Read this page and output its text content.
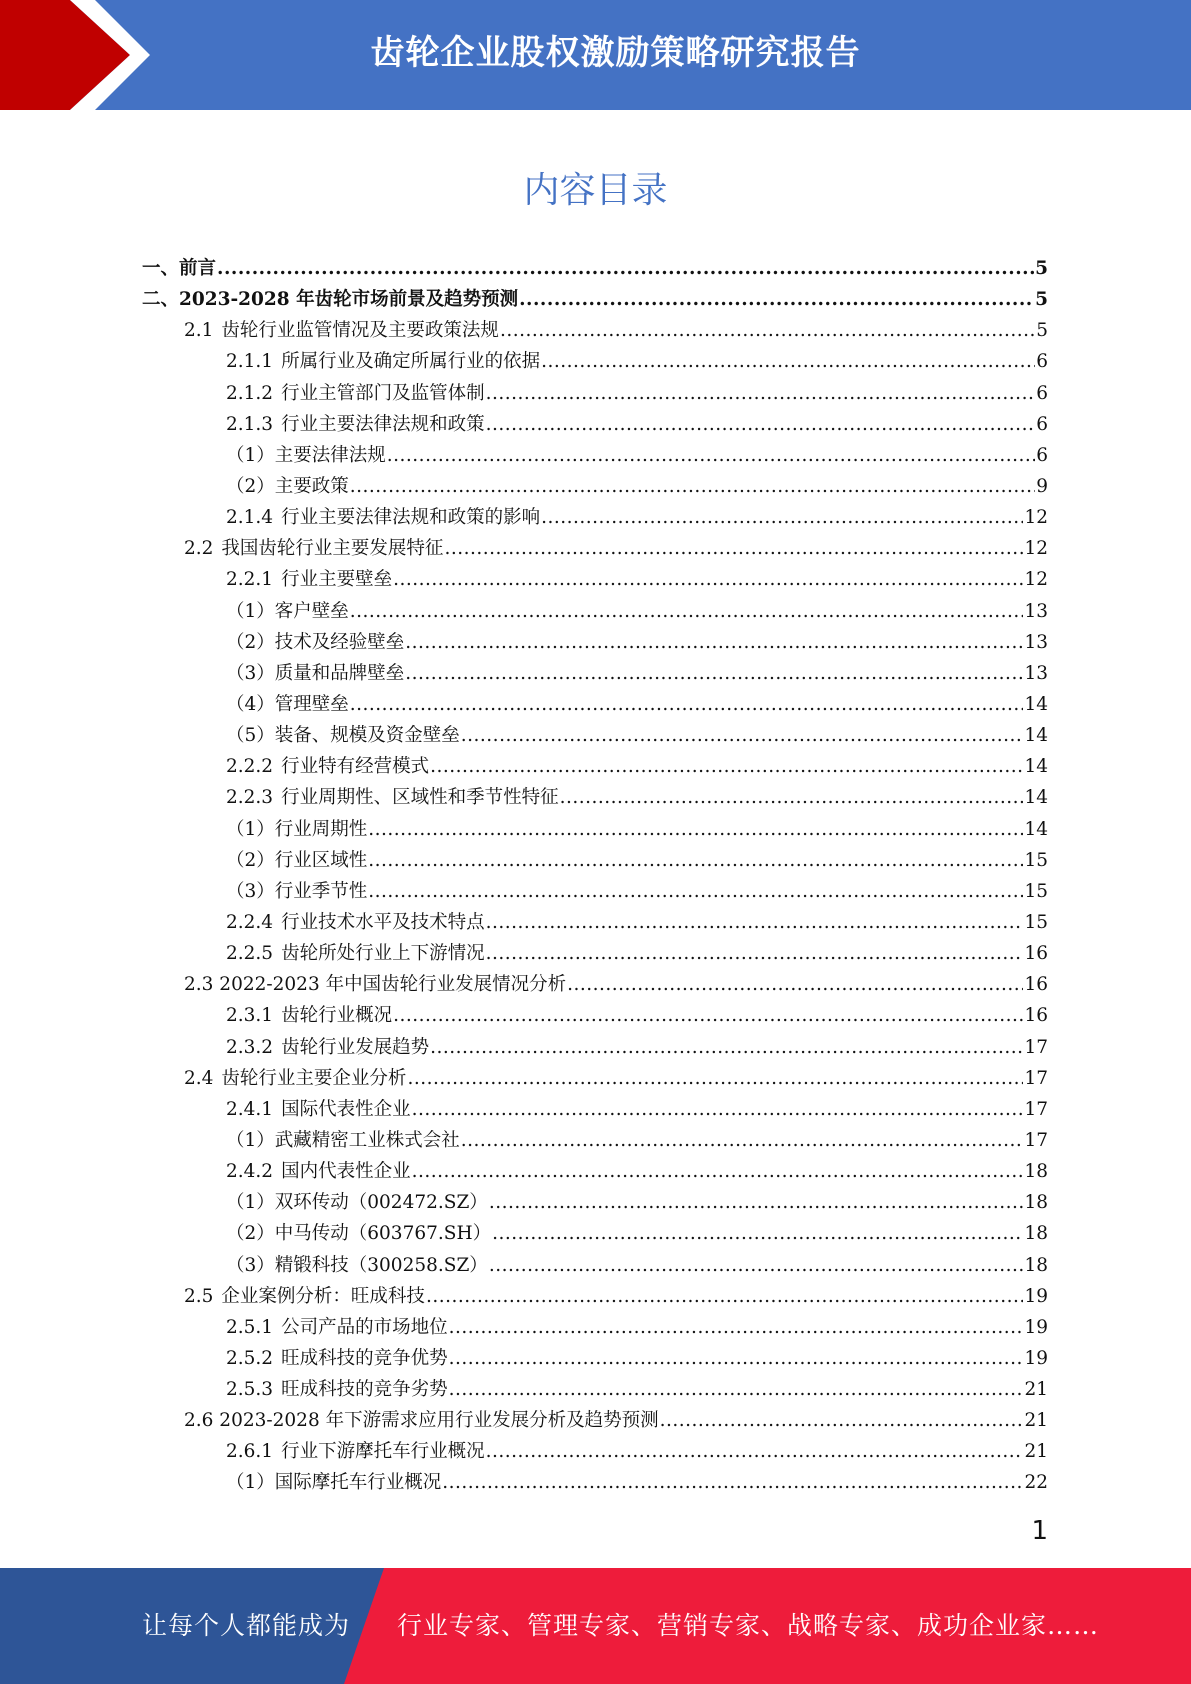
齿轮企业股权激励策略研究报告
内容目录
一、前言 .....	5
二、2023-2028 年齿轮市场前景及趋势预测 .....	5
2.1 齿轮行业监管情况及主要政策法规 .....	5
2.1.1 所属行业及确定所属行业的依据 .....	6
2.1.2 行业主管部门及监管体制 .....	6
2.1.3 行业主要法律法规和政策 .....	6
（1）主要法律法规 .....	6
（2）主要政策 .....	9
2.1.4 行业主要法律法规和政策的影响 .....	12
2.2 我国齿轮行业主要发展特征 .....	12
2.2.1 行业主要壁垒 .....	12
（1）客户壁垒 .....	13
（2）技术及经验壁垒 .....	13
（3）质量和品牌壁垒 .....	13
（4）管理壁垒 .....	14
（5）装备、规模及资金壁垒 .....	14
2.2.2 行业特有经营模式 .....	14
2.2.3 行业周期性、区域性和季节性特征 .....	14
（1）行业周期性 .....	14
（2）行业区域性 .....	15
（3）行业季节性 .....	15
2.2.4 行业技术水平及技术特点 .....	15
2.2.5 齿轮所处行业上下游情况 .....	16
2.3 2022-2023 年中国齿轮行业发展情况分析 .....	16
2.3.1 齿轮行业概况 .....	16
2.3.2 齿轮行业发展趋势 .....	17
2.4 齿轮行业主要企业分析 .....	17
2.4.1 国际代表性企业 .....	17
（1）武藏精密工业株式会社 .....	17
2.4.2 国内代表性企业 .....	18
（1）双环传动（002472.SZ） .....	18
（2）中马传动（603767.SH） .....	18
（3）精锻科技（300258.SZ） .....	18
2.5 企业案例分析：旺成科技 .....	19
2.5.1 公司产品的市场地位 .....	19
2.5.2 旺成科技的竞争优势 .....	19
2.5.3 旺成科技的竞争劣势 .....	21
2.6 2023-2028 年下游需求应用行业发展分析及趋势预测 .....	21
2.6.1 行业下游摩托车行业概况 .....	21
（1）国际摩托车行业概况 .....	22
1
让每个人都能成为 行业专家、管理专家、营销专家、战略专家、成功企业家……
